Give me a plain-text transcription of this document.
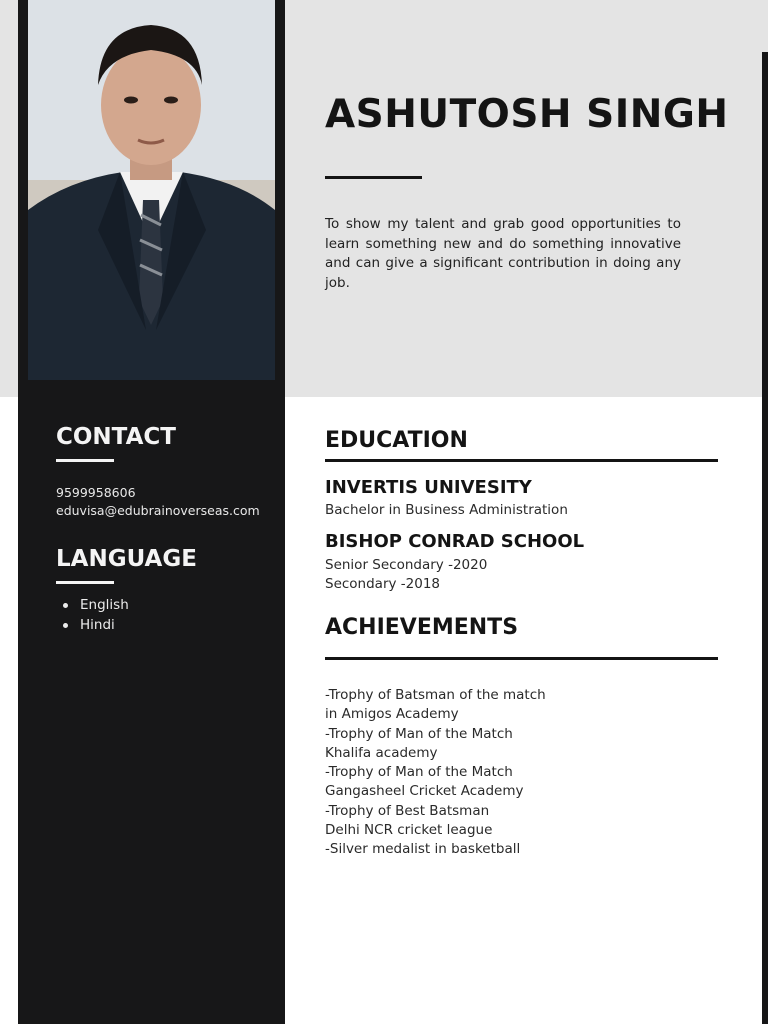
ASHUTOSH SINGH

To show my talent and grab good opportunities to learn something new and do something innovative and can give a significant contribution in doing any job.

CONTACT

9599958606

eduvisa@edubrainoverseas.com

LANGUAGE
English
Hindi
EDUCATION

INVERTIS UNIVESITY

Bachelor in Business Administration

BISHOP CONRAD SCHOOL

Senior Secondary -2020

Secondary -2018

ACHIEVEMENTS
-Trophy of Batsman of the match
in Amigos Academy
-Trophy of Man of the Match
Khalifa academy
-Trophy of Man of the Match
Gangasheel Cricket Academy
-Trophy of Best Batsman
Delhi NCR cricket league
-Silver medalist in basketball
